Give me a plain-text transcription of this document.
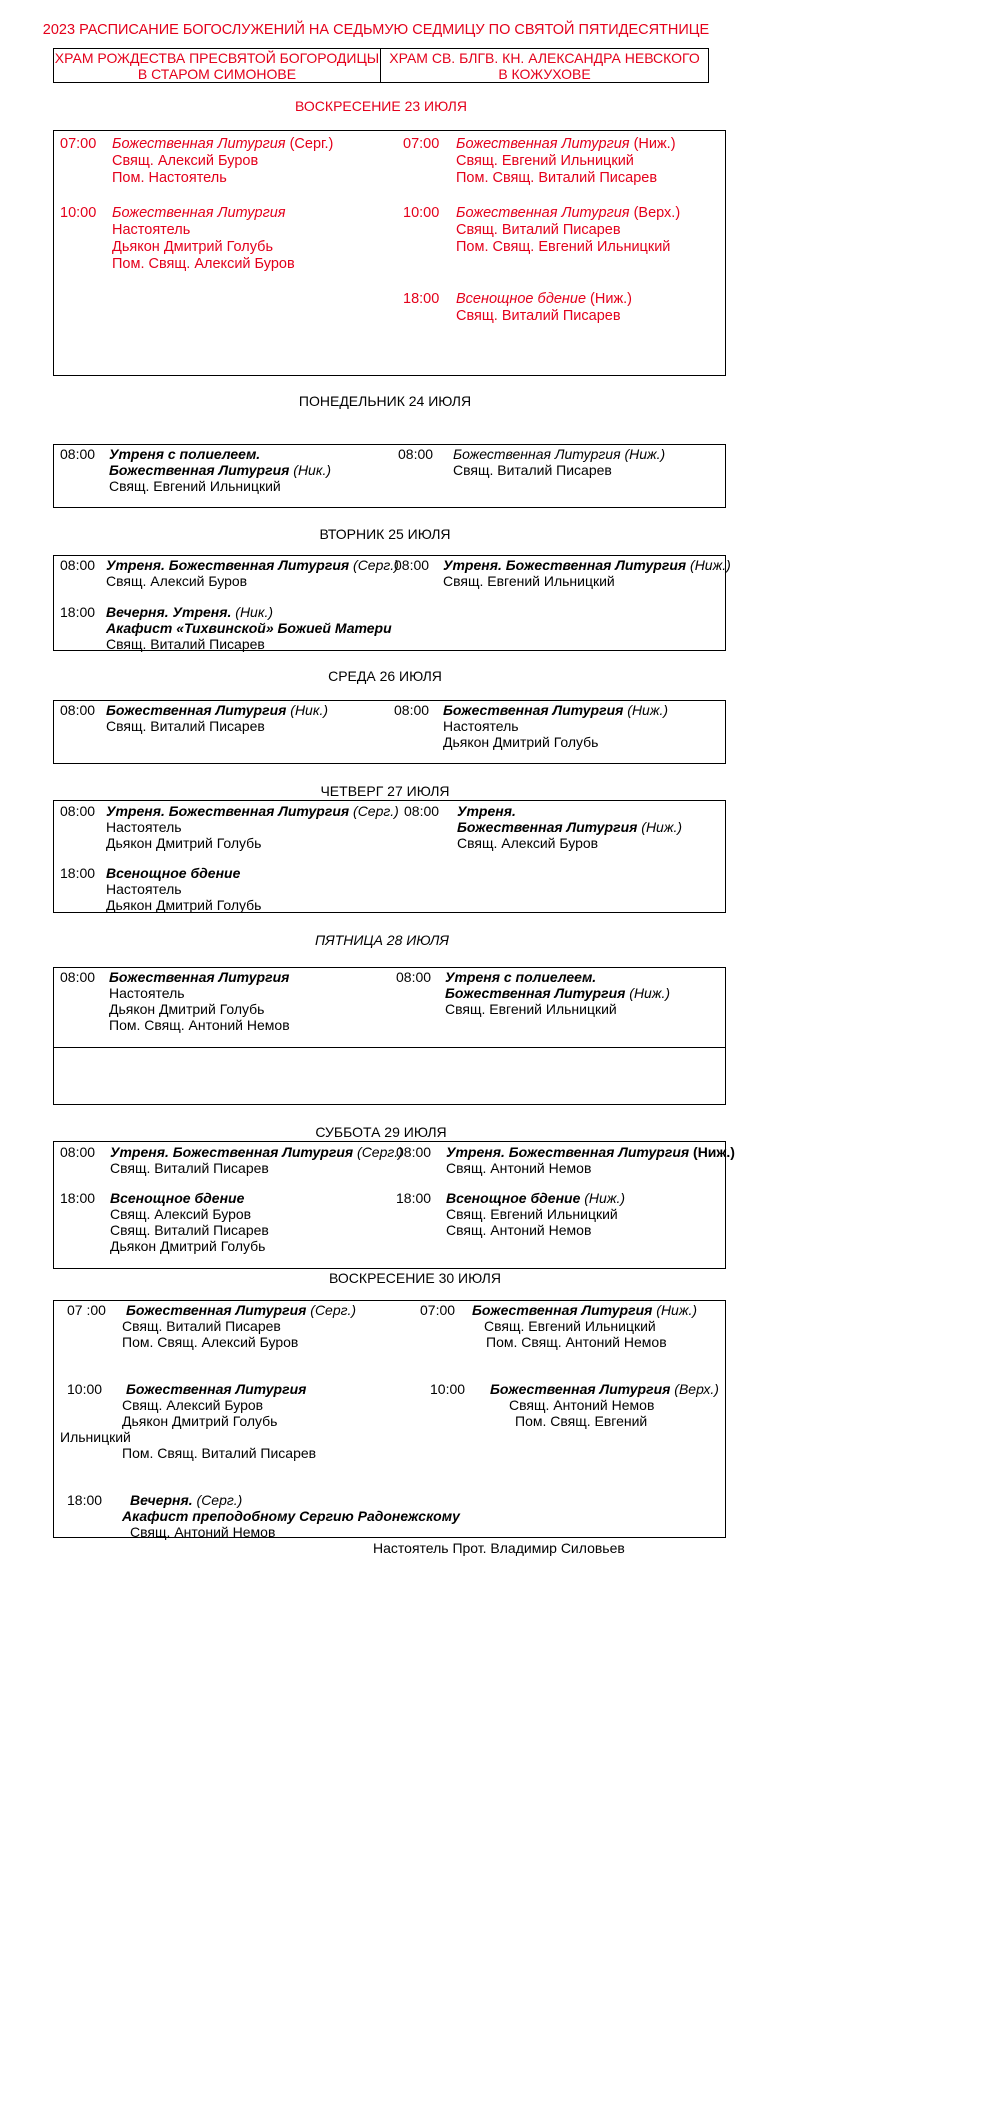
2023 РАСПИСАНИЕ БОГОСЛУЖЕНИЙ НА СЕДЬМУЮ СЕДМИЦУ ПО СВЯТОЙ ПЯТИДЕСЯТНИЦЕ
ХРАМ РОЖДЕСТВА ПРЕСВЯТОЙ БОГОРОДИЦЫ
В СТАРОМ СИМОНОВЕ
ХРАМ СВ. БЛГВ. КН. АЛЕКСАНДРА НЕВСКОГО
В КОЖУХОВЕ
ВОСКРЕСЕНИЕ 23 ИЮЛЯ
07:00 Божественная Литургия (Серг.)
Свящ. Алексий Буров
Пом. Настоятель
10:00 Божественная Литургия
Настоятель
Дьякон Дмитрий Голубь
Пом. Свящ. Алексий Буров
07:00 Божественная Литургия (Ниж.)
Свящ. Евгений Ильницкий
Пом. Свящ. Виталий Писарев
10:00 Божественная Литургия (Верх.)
Свящ. Виталий Писарев
Пом. Свящ. Евгений Ильницкий
18:00 Всенощное бдение (Ниж.)
Свящ. Виталий Писарев
ПОНЕДЕЛЬНИК 24 ИЮЛЯ
08:00 Утреня с полиелеем.
Божественная Литургия (Ник.)
Свящ. Евгений Ильницкий
08:00 Божественная Литургия (Ниж.)
Свящ. Виталий Писарев
ВТОРНИК 25 ИЮЛЯ
08:00 Утреня. Божественная Литургия (Серг.)
Свящ. Алексий Буров
18:00 Вечерня. Утреня. (Ник.)
Акафист «Тихвинской» Божией Матери
Свящ. Виталий Писарев
08:00 Утреня. Божественная Литургия (Ниж.)
Свящ. Евгений Ильницкий
СРЕДА 26 ИЮЛЯ
08:00 Божественная Литургия (Ник.)
Свящ. Виталий Писарев
08:00 Божественная Литургия (Ниж.)
Настоятель
Дьякон Дмитрий Голубь
ЧЕТВЕРГ 27 ИЮЛЯ
08:00 Утреня. Божественная Литургия (Серг.)
Настоятель
Дьякон Дмитрий Голубь
18:00 Всенощное бдение
Настоятель
Дьякон Дмитрий Голубь
08:00 Утреня.
Божественная Литургия (Ниж.)
Свящ. Алексий Буров
ПЯТНИЦА 28 ИЮЛЯ
08:00 Божественная Литургия
Настоятель
Дьякон Дмитрий Голубь
Пом. Свящ. Антоний Немов
08:00 Утреня с полиелеем.
Божественная Литургия (Ниж.)
Свящ. Евгений Ильницкий
СУББОТА 29 ИЮЛЯ
08:00 Утреня. Божественная Литургия (Серг.)
Свящ. Виталий Писарев
18:00 Всенощное бдение
Свящ. Алексий Буров
Свящ. Виталий Писарев
Дьякон Дмитрий Голубь
08:00 Утреня. Божественная Литургия (Ниж.)
Свящ. Антоний Немов
18:00 Всенощное бдение (Ниж.)
Свящ. Евгений Ильницкий
Свящ. Антоний Немов
ВОСКРЕСЕНИЕ 30 ИЮЛЯ
07 :00 Божественная Литургия (Серг.)
Свящ. Виталий Писарев
Пом. Свящ. Алексий Буров
10:00 Божественная Литургия
Свящ. Алексий Буров
Дьякон Дмитрий Голубь
Ильницкий
Пом. Свящ. Виталий Писарев
18:00 Вечерня. (Серг.)
Акафист преподобному Сергию Радонежскому
Свящ. Антоний Немов
07:00 Божественная Литургия (Ниж.)
Свящ. Евгений Ильницкий
Пом. Свящ. Антоний Немов
10:00 Божественная Литургия (Верх.)
Свящ. Антоний Немов
Пом. Свящ. Евгений
Настоятель Прот. Владимир Силовьев
